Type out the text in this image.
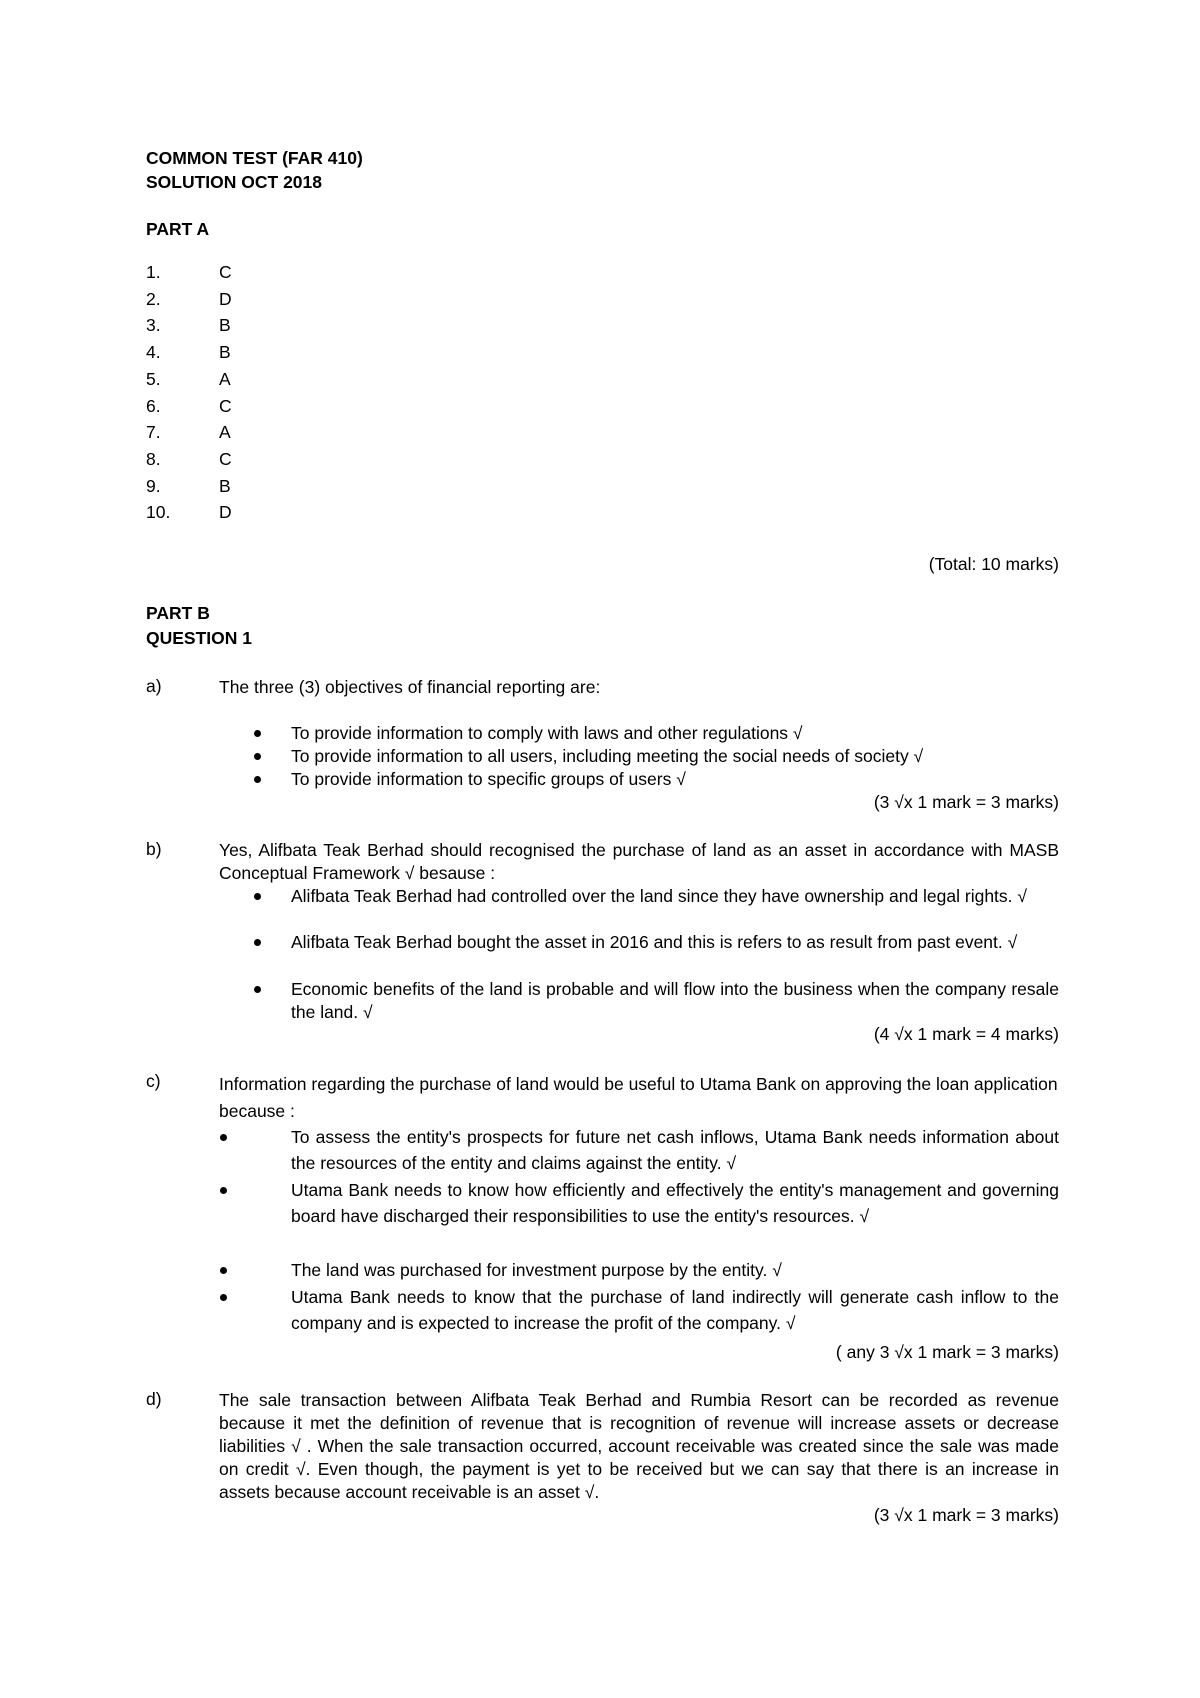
COMMON TEST (FAR 410)
SOLUTION OCT 2018
PART A
1.	C
2.	D
3.	B
4.	B
5.	A
6.	C
7.	A
8.	C
9.	B
10.	D
(Total: 10 marks)
PART B
QUESTION 1
a)	The three (3) objectives of financial reporting are:
To provide information to comply with laws and other regulations √
To provide information to all users, including meeting the social needs of society √
To provide information to specific groups of users √
(3 √x 1 mark = 3 marks)
b)	Yes, Alifbata Teak Berhad should recognised the purchase of land as an asset in accordance with MASB Conceptual Framework √ besause :
Alifbata Teak Berhad had controlled over the land since they have ownership and legal rights. √
Alifbata Teak Berhad bought the asset in 2016 and this is refers to as result from past event. √
Economic benefits of the land is probable and will flow into the business when the company resale the land. √
(4 √x 1 mark = 4 marks)
c)	Information regarding the purchase of land would be useful to Utama Bank on approving the loan application because :
To assess the entity's prospects for future net cash inflows, Utama Bank needs information about the resources of the entity and claims against the entity. √
Utama Bank needs to know how efficiently and effectively the entity's management and governing board have discharged their responsibilities to use the entity's resources. √
The land was purchased for investment purpose by the entity. √
Utama Bank needs to know that the purchase of land indirectly will generate cash inflow to the company and is expected to increase the profit of the company. √
( any 3 √x 1 mark = 3 marks)
d)	The sale transaction between Alifbata Teak Berhad and Rumbia Resort can be recorded as revenue because it met the definition of revenue that is recognition of revenue will increase assets or decrease liabilities √ . When the sale transaction occurred, account receivable was created since the sale was made on credit √. Even though, the payment is yet to be received but we can say that there is an increase in assets because account receivable is an asset √.
(3 √x 1 mark = 3 marks)
